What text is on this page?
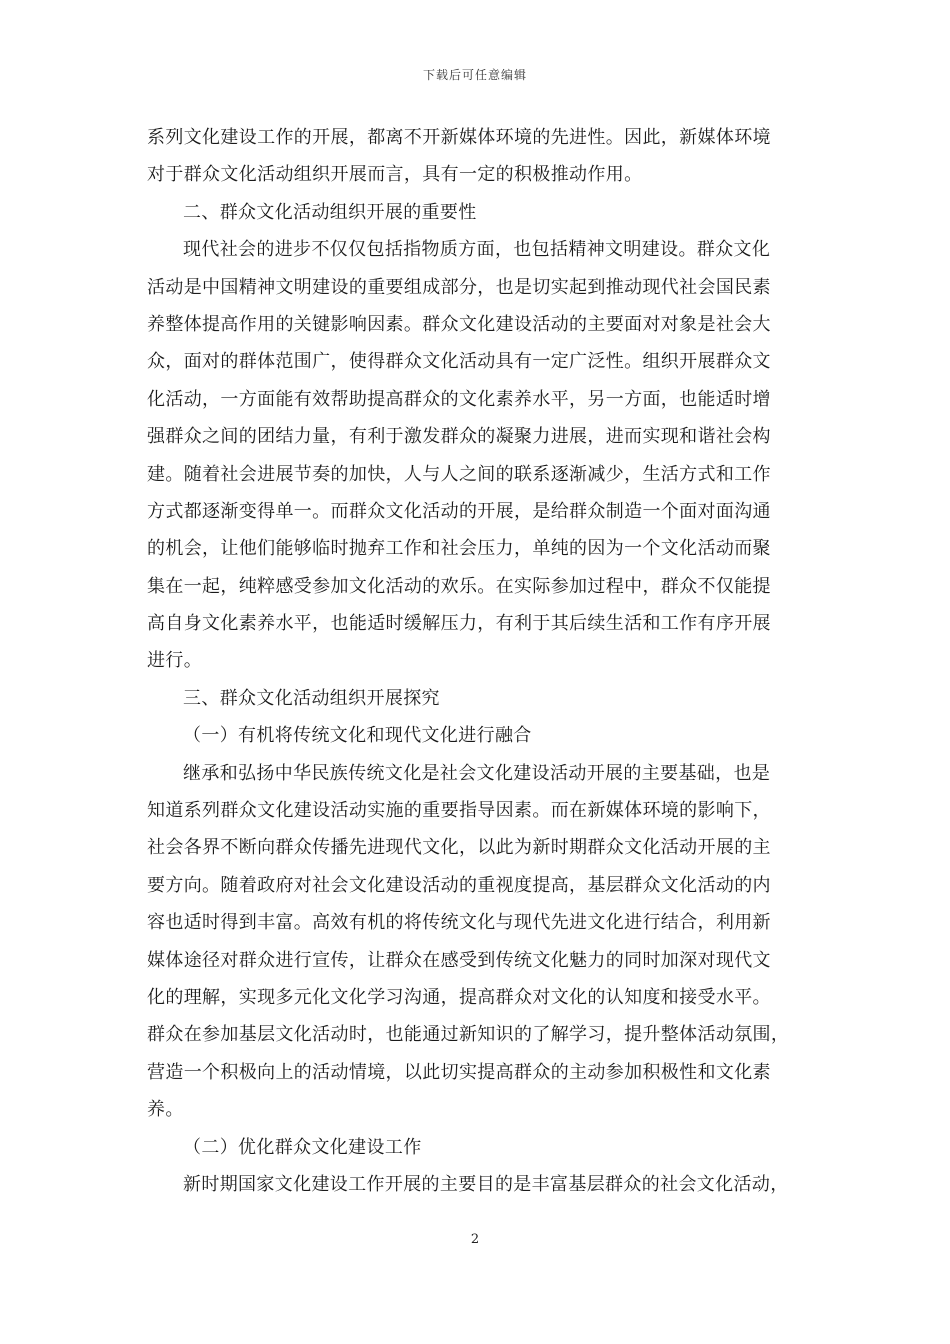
下载后可任意编辑
系列文化建设工作的开展，都离不开新媒体环境的先进性。因此，新媒体环境
对于群众文化活动组织开展而言，具有一定的积极推动作用。
二、群众文化活动组织开展的重要性
现代社会的进步不仅仅包括指物质方面，也包括精神文明建设。群众文化
活动是中国精神文明建设的重要组成部分，也是切实起到推动现代社会国民素
养整体提高作用的关键影响因素。群众文化建设活动的主要面对对象是社会大
众，面对的群体范围广，使得群众文化活动具有一定广泛性。组织开展群众文
化活动，一方面能有效帮助提高群众的文化素养水平，另一方面，也能适时增
强群众之间的团结力量，有利于激发群众的凝聚力进展，进而实现和谐社会构
建。随着社会进展节奏的加快，人与人之间的联系逐渐减少，生活方式和工作
方式都逐渐变得单一。而群众文化活动的开展，是给群众制造一个面对面沟通
的机会，让他们能够临时抛弃工作和社会压力，单纯的因为一个文化活动而聚
集在一起，纯粹感受参加文化活动的欢乐。在实际参加过程中，群众不仅能提
高自身文化素养水平，也能适时缓解压力，有利于其后续生活和工作有序开展
进行。
三、群众文化活动组织开展探究
（一）有机将传统文化和现代文化进行融合
继承和弘扬中华民族传统文化是社会文化建设活动开展的主要基础，也是
知道系列群众文化建设活动实施的重要指导因素。而在新媒体环境的影响下，
社会各界不断向群众传播先进现代文化，以此为新时期群众文化活动开展的主
要方向。随着政府对社会文化建设活动的重视度提高，基层群众文化活动的内
容也适时得到丰富。高效有机的将传统文化与现代先进文化进行结合，利用新
媒体途径对群众进行宣传，让群众在感受到传统文化魅力的同时加深对现代文
化的理解，实现多元化文化学习沟通，提高群众对文化的认知度和接受水平。
群众在参加基层文化活动时，也能通过新知识的了解学习，提升整体活动氛围，
营造一个积极向上的活动情境，以此切实提高群众的主动参加积极性和文化素
养。
（二）优化群众文化建设工作
新时期国家文化建设工作开展的主要目的是丰富基层群众的社会文化活动，
2
